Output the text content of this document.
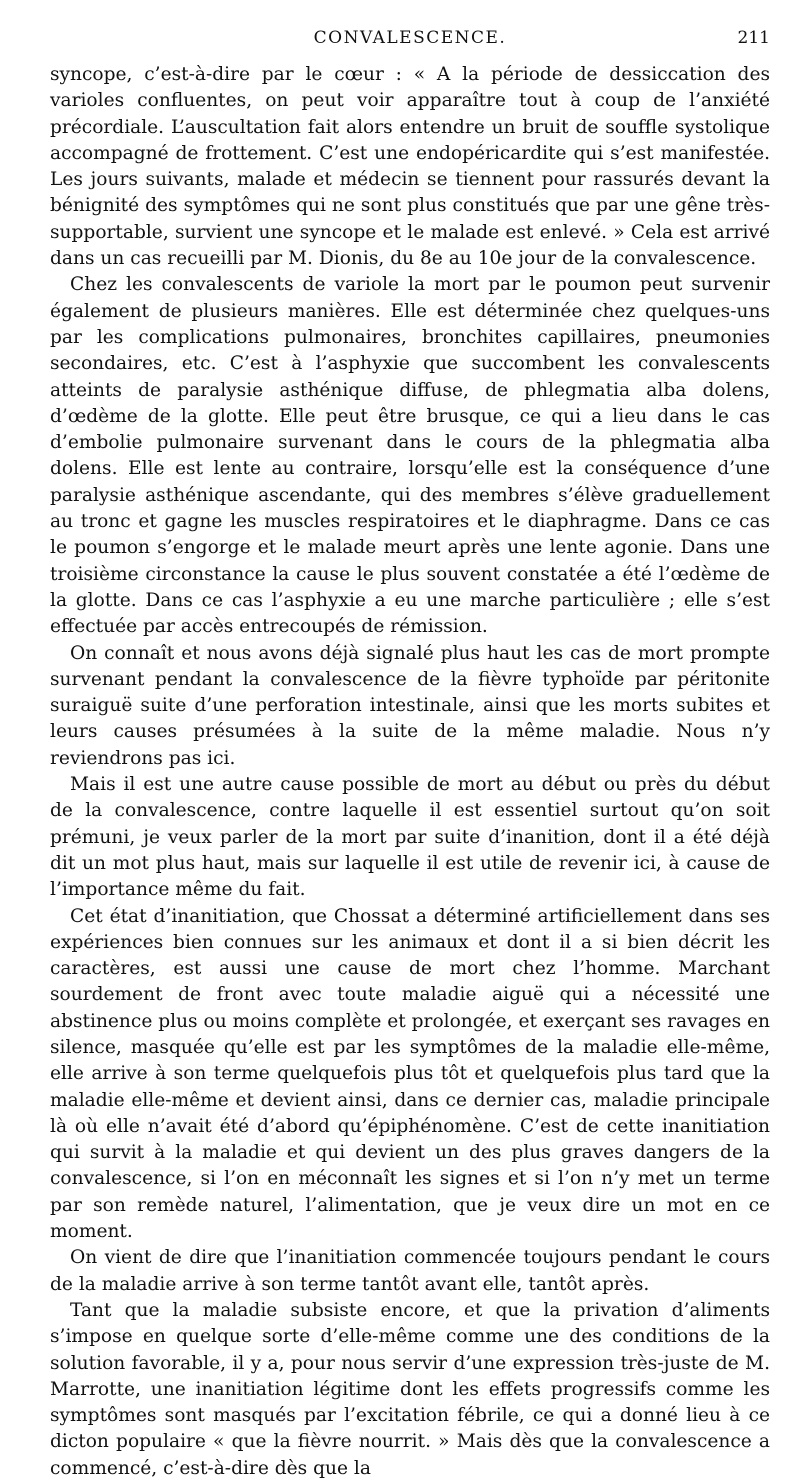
CONVALESCENCE.	211

syncope, c’est-à-dire par le cœur : « A la période de dessiccation des varioles confluentes, on peut voir apparaître tout à coup de l’anxiété précordiale. L’auscultation fait alors entendre un bruit de souffle systolique accompagné de frottement. C’est une endopéricardite qui s’est manifestée. Les jours suivants, malade et médecin se tiennent pour rassurés devant la bénignité des symptômes qui ne sont plus constitués que par une gêne très-supportable, survient une syncope et le malade est enlevé. » Cela est arrivé dans un cas recueilli par M. Dionis, du 8e au 10e jour de la convalescence.

Chez les convalescents de variole la mort par le poumon peut survenir également de plusieurs manières. Elle est déterminée chez quelques-uns par les complications pulmonaires, bronchites capillaires, pneumonies secondaires, etc. C’est à l’asphyxie que succombent les convalescents atteints de paralysie asthénique diffuse, de phlegmatia alba dolens, d’œdème de la glotte. Elle peut être brusque, ce qui a lieu dans le cas d’embolie pulmonaire survenant dans le cours de la phlegmatia alba dolens. Elle est lente au contraire, lorsqu’elle est la conséquence d’une paralysie asthénique ascendante, qui des membres s’élève graduellement au tronc et gagne les muscles respiratoires et le diaphragme. Dans ce cas le poumon s’engorge et le malade meurt après une lente agonie. Dans une troisième circonstance la cause le plus souvent constatée a été l’œdème de la glotte. Dans ce cas l’asphyxie a eu une marche particulière ; elle s’est effectuée par accès entrecoupés de rémission.

On connaît et nous avons déjà signalé plus haut les cas de mort prompte survenant pendant la convalescence de la fièvre typhoïde par péritonite suraiguë suite d’une perforation intestinale, ainsi que les morts subites et leurs causes présumées à la suite de la même maladie. Nous n’y reviendrons pas ici.

Mais il est une autre cause possible de mort au début ou près du début de la convalescence, contre laquelle il est essentiel surtout qu’on soit prémuni, je veux parler de la mort par suite d’inanition, dont il a été déjà dit un mot plus haut, mais sur laquelle il est utile de revenir ici, à cause de l’importance même du fait.

Cet état d’inanitiation, que Chossat a déterminé artificiellement dans ses expériences bien connues sur les animaux et dont il a si bien décrit les caractères, est aussi une cause de mort chez l’homme. Marchant sourdement de front avec toute maladie aiguë qui a nécessité une abstinence plus ou moins complète et prolongée, et exerçant ses ravages en silence, masquée qu’elle est par les symptômes de la maladie elle-même, elle arrive à son terme quelquefois plus tôt et quelquefois plus tard que la maladie elle-même et devient ainsi, dans ce dernier cas, maladie principale là où elle n’avait été d’abord qu’épiphénomène. C’est de cette inanitiation qui survit à la maladie et qui devient un des plus graves dangers de la convalescence, si l’on en méconnaît les signes et si l’on n’y met un terme par son remède naturel, l’alimentation, que je veux dire un mot en ce moment.

On vient de dire que l’inanitiation commencée toujours pendant le cours de la maladie arrive à son terme tantôt avant elle, tantôt après.

Tant que la maladie subsiste encore, et que la privation d’aliments s’impose en quelque sorte d’elle-même comme une des conditions de la solution favorable, il y a, pour nous servir d’une expression très-juste de M. Marrotte, une inanitiation légitime dont les effets progressifs comme les symptômes sont masqués par l’excitation fébrile, ce qui a donné lieu à ce dicton populaire « que la fièvre nourrit. » Mais dès que la convalescence a commencé, c’est-à-dire dès que la
